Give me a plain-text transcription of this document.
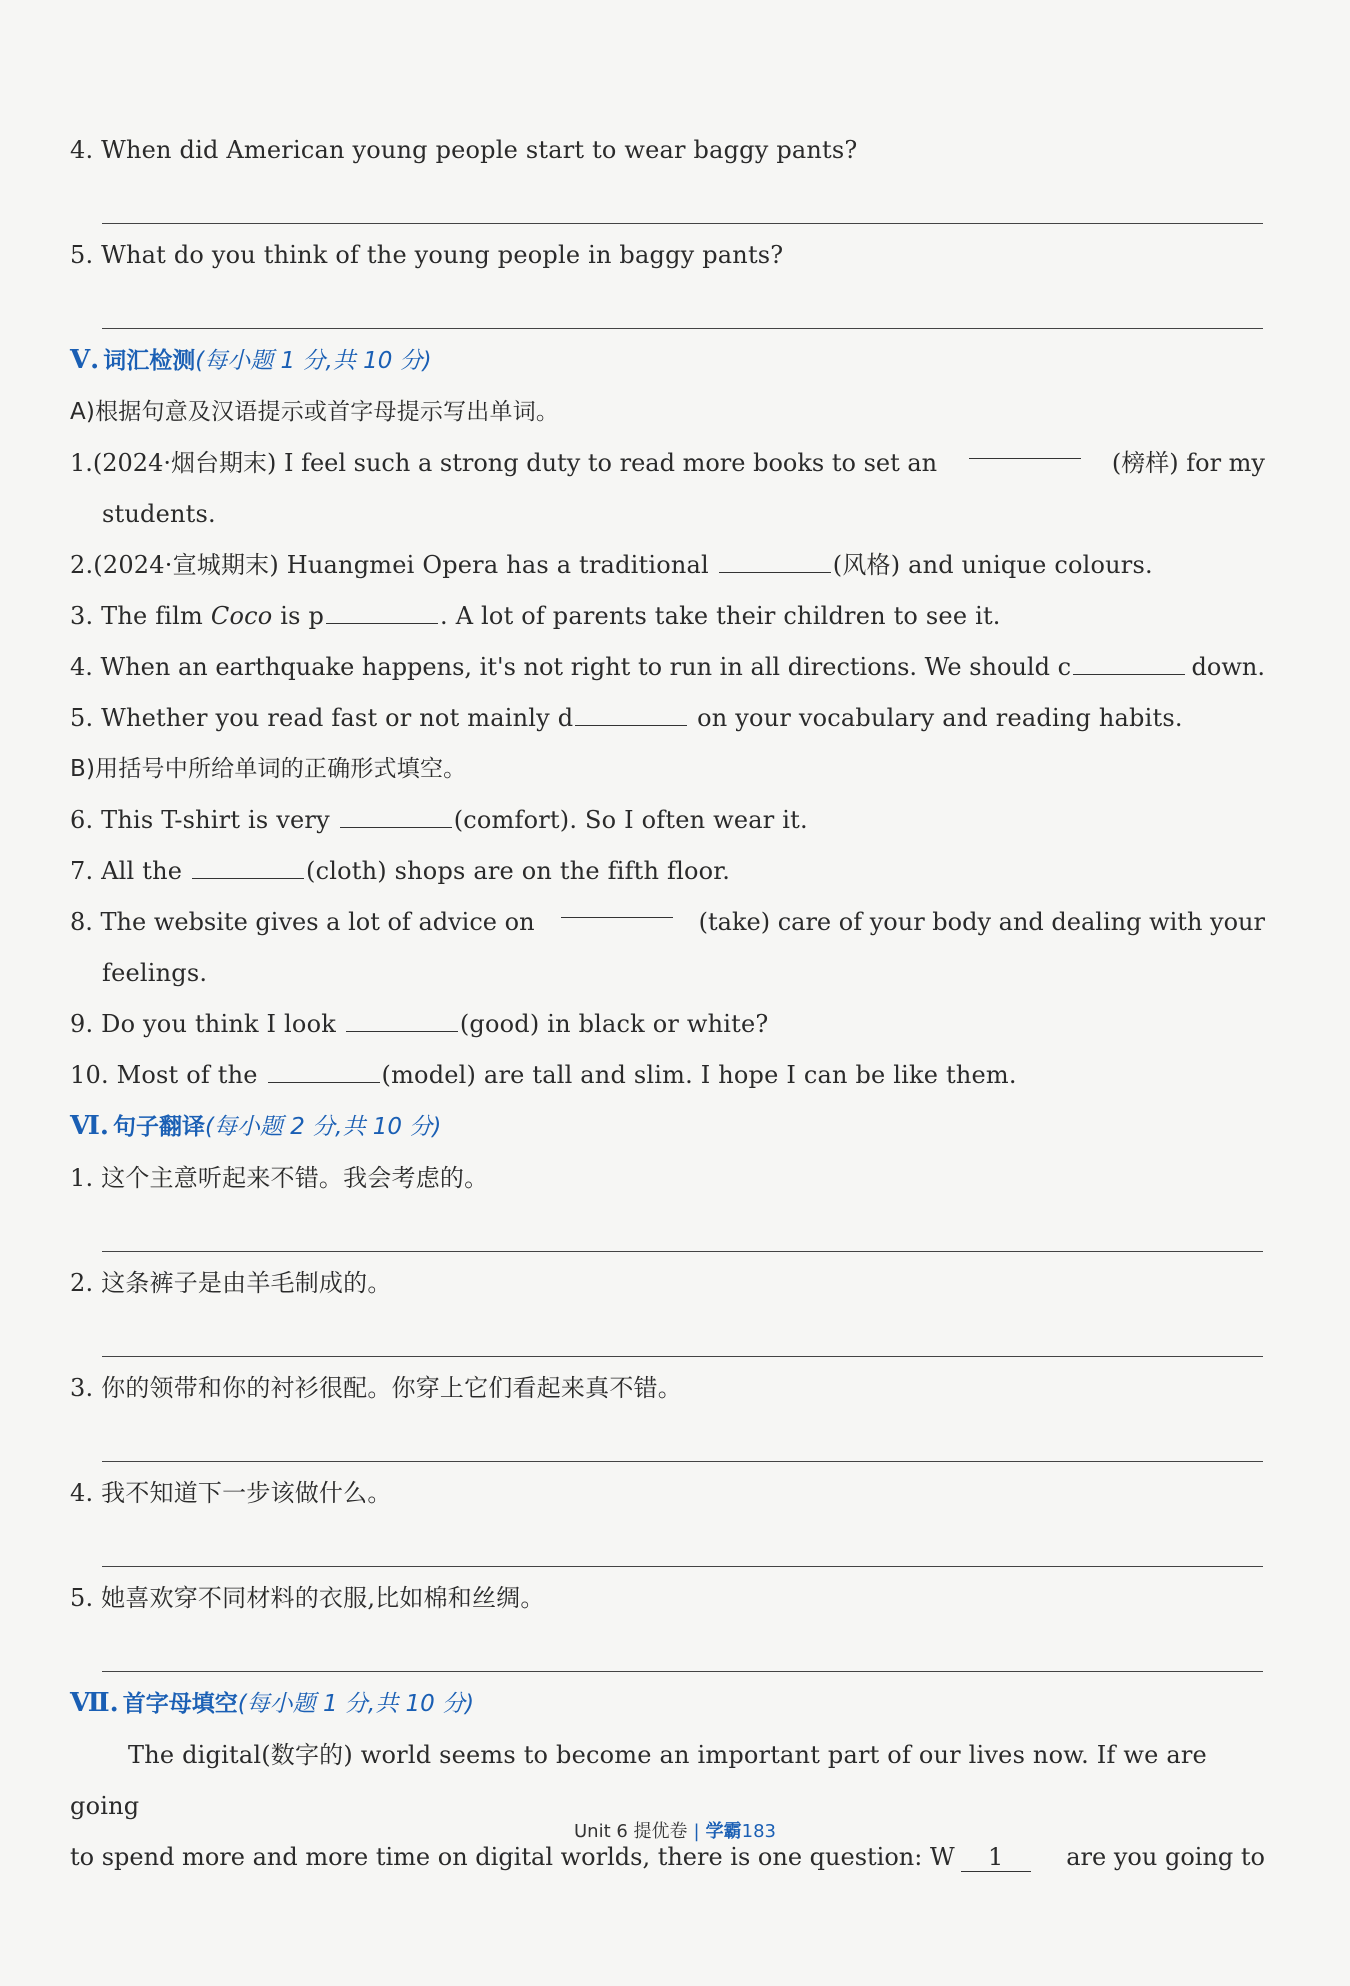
4. When did American young people start to wear baggy pants?
5. What do you think of the young people in baggy pants?
Ⅴ. 词汇检测(每小题 1 分,共 10 分)
A)根据句意及汉语提示或首字母提示写出单词。
1.(2024·烟台期末) I feel such a strong duty to read more books to set an	(榜样) for my
students.
2.(2024·宣城期末) Huangmei Opera has a traditional	(风格) and unique colours.
3. The film Coco is p	. A lot of parents take their children to see it.
4. When an earthquake happens, it's not right to run in all directions. We should c	down.
5. Whether you read fast or not mainly d	on your vocabulary and reading habits.
B)用括号中所给单词的正确形式填空。
6. This T-shirt is very	(comfort). So I often wear it.
7. All the	(cloth) shops are on the fifth floor.
8. The website gives a lot of advice on	(take) care of your body and dealing with your
feelings.
9. Do you think I look	(good) in black or white?
10. Most of the	(model) are tall and slim. I hope I can be like them.
Ⅵ. 句子翻译(每小题 2 分,共 10 分)
1. 这个主意听起来不错。我会考虑的。
2. 这条裤子是由羊毛制成的。
3. 你的领带和你的衬衫很配。你穿上它们看起来真不错。
4. 我不知道下一步该做什么。
5. 她喜欢穿不同材料的衣服,比如棉和丝绸。
Ⅶ. 首字母填空(每小题 1 分,共 10 分)
The digital(数字的) world seems to become an important part of our lives now. If we are going
to spend more and more time on digital worlds, there is one question: W 1	are you going to
Unit 6 提优卷 | 学霸183
